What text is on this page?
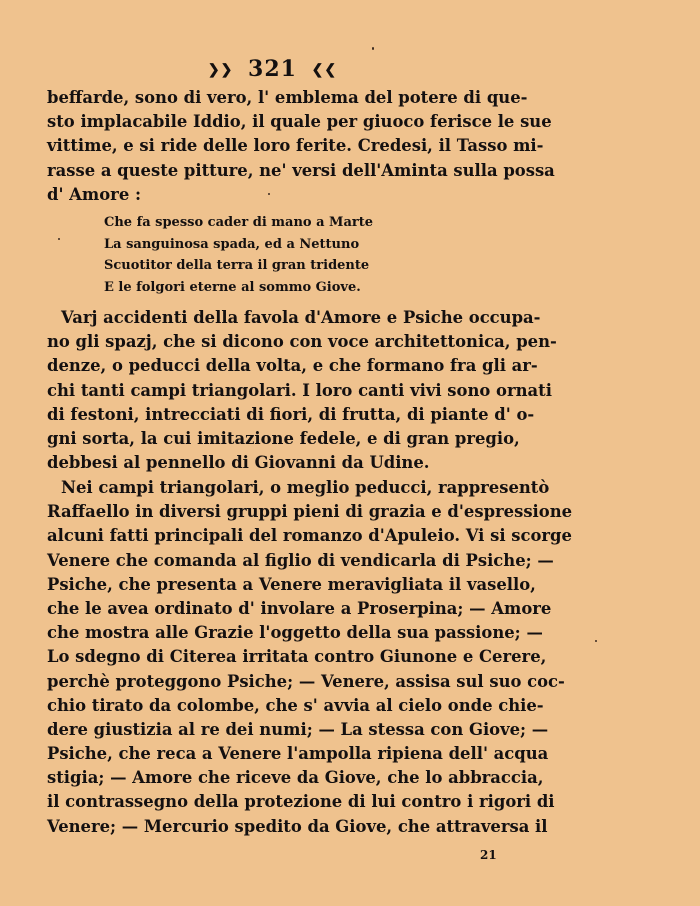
❯❯ 321 ❮❮
beffarde, sono di vero, l' emblema del potere di que-
sto implacabile Iddio, il quale per giuoco ferisce le sue
vittime, e si ride delle loro ferite. Credesi, il Tasso mi-
rasse a queste pitture, ne' versi dell'Aminta sulla possa
d' Amore :
Che fa spesso cader di mano a Marte
La sanguinosa spada, ed a Nettuno
Scuotitor della terra il gran tridente
E le folgori eterne al sommo Giove.
Varj accidenti della favola d'Amore e Psiche occupa-
no gli spazj, che si dicono con voce architettonica, pen-
denze, o peducci della volta, e che formano fra gli ar-
chi tanti campi triangolari. I loro canti vivi sono ornati
di festoni, intrecciati di fiori, di frutta, di piante d' o-
gni sorta, la cui imitazione fedele, e di gran pregio,
debbesi al pennello di Giovanni da Udine.
Nei campi triangolari, o meglio peducci, rappresentò
Raffaello in diversi gruppi pieni di grazia e d'espressione
alcuni fatti principali del romanzo d'Apuleio. Vi si scorge
Venere che comanda al figlio di vendicarla di Psiche; —
Psiche, che presenta a Venere meravigliata il vasello,
che le avea ordinato d' involare a Proserpina; — Amore
che mostra alle Grazie l'oggetto della sua passione; —
Lo sdegno di Citerea irritata contro Giunone e Cerere,
perchè proteggono Psiche; — Venere, assisa sul suo coc-
chio tirato da colombe, che s' avvia al cielo onde chie-
dere giustizia al re dei numi; — La stessa con Giove; —
Psiche, che reca a Venere l'ampolla ripiena dell' acqua
stigia; — Amore che riceve da Giove, che lo abbraccia,
il contrassegno della protezione di lui contro i rigori di
Venere; — Mercurio spedito da Giove, che attraversa il
21
